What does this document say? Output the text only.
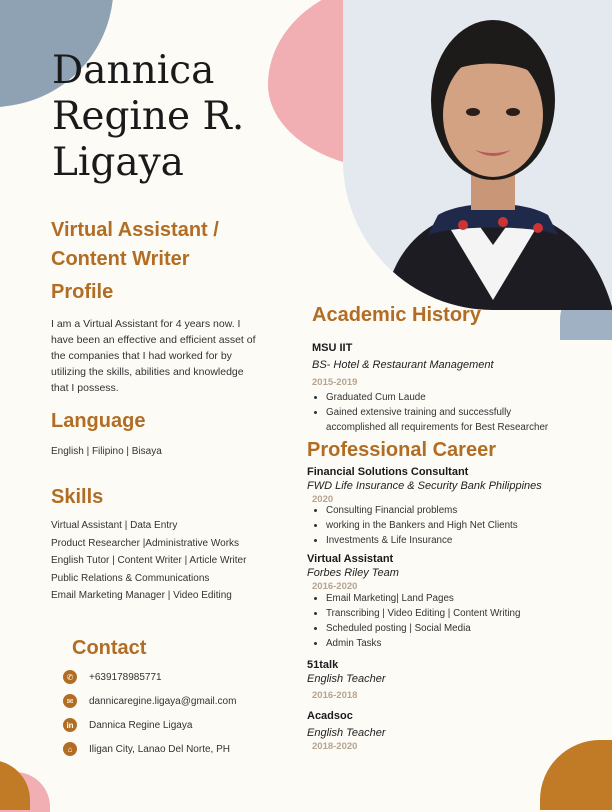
Dannica
Regine R.
Ligaya
Virtual Assistant /
Content Writer
Profile
I am a Virtual Assistant for 4 years now. I
have been an effective and efficient asset of
the companies that I had worked for by
utilizing the skills, abilities and knowledge
that I possess.
Language
English | Filipino | Bisaya
Skills
Virtual Assistant | Data Entry
Product Researcher |Administrative Works
English Tutor | Content Writer | Article Writer
Public Relations & Communications
Email Marketing Manager | Video Editing
Contact
✆	+639178985771
✉	dannicaregine.ligaya@gmail.com
in	Dannica Regine Ligaya
⌂	Iligan City, Lanao Del Norte, PH
Academic History
MSU IIT
BS- Hotel & Restaurant Management
2015-2019
• Graduated Cum Laude
• Gained extensive training and successfully
accomplished all requirements for Best Researcher
Professional Career
Financial Solutions Consultant
FWD Life Insurance & Security Bank Philippines
2020
• Consulting Financial problems
• working in the Bankers and High Net Clients
• Investments & Life Insurance
Virtual Assistant
Forbes Riley Team
2016-2020
• Email Marketing| Land Pages
• Transcribing | Video Editing | Content Writing
• Scheduled posting | Social Media
• Admin Tasks
51talk
English Teacher
2016-2018
Acadsoc
English Teacher
2018-2020
